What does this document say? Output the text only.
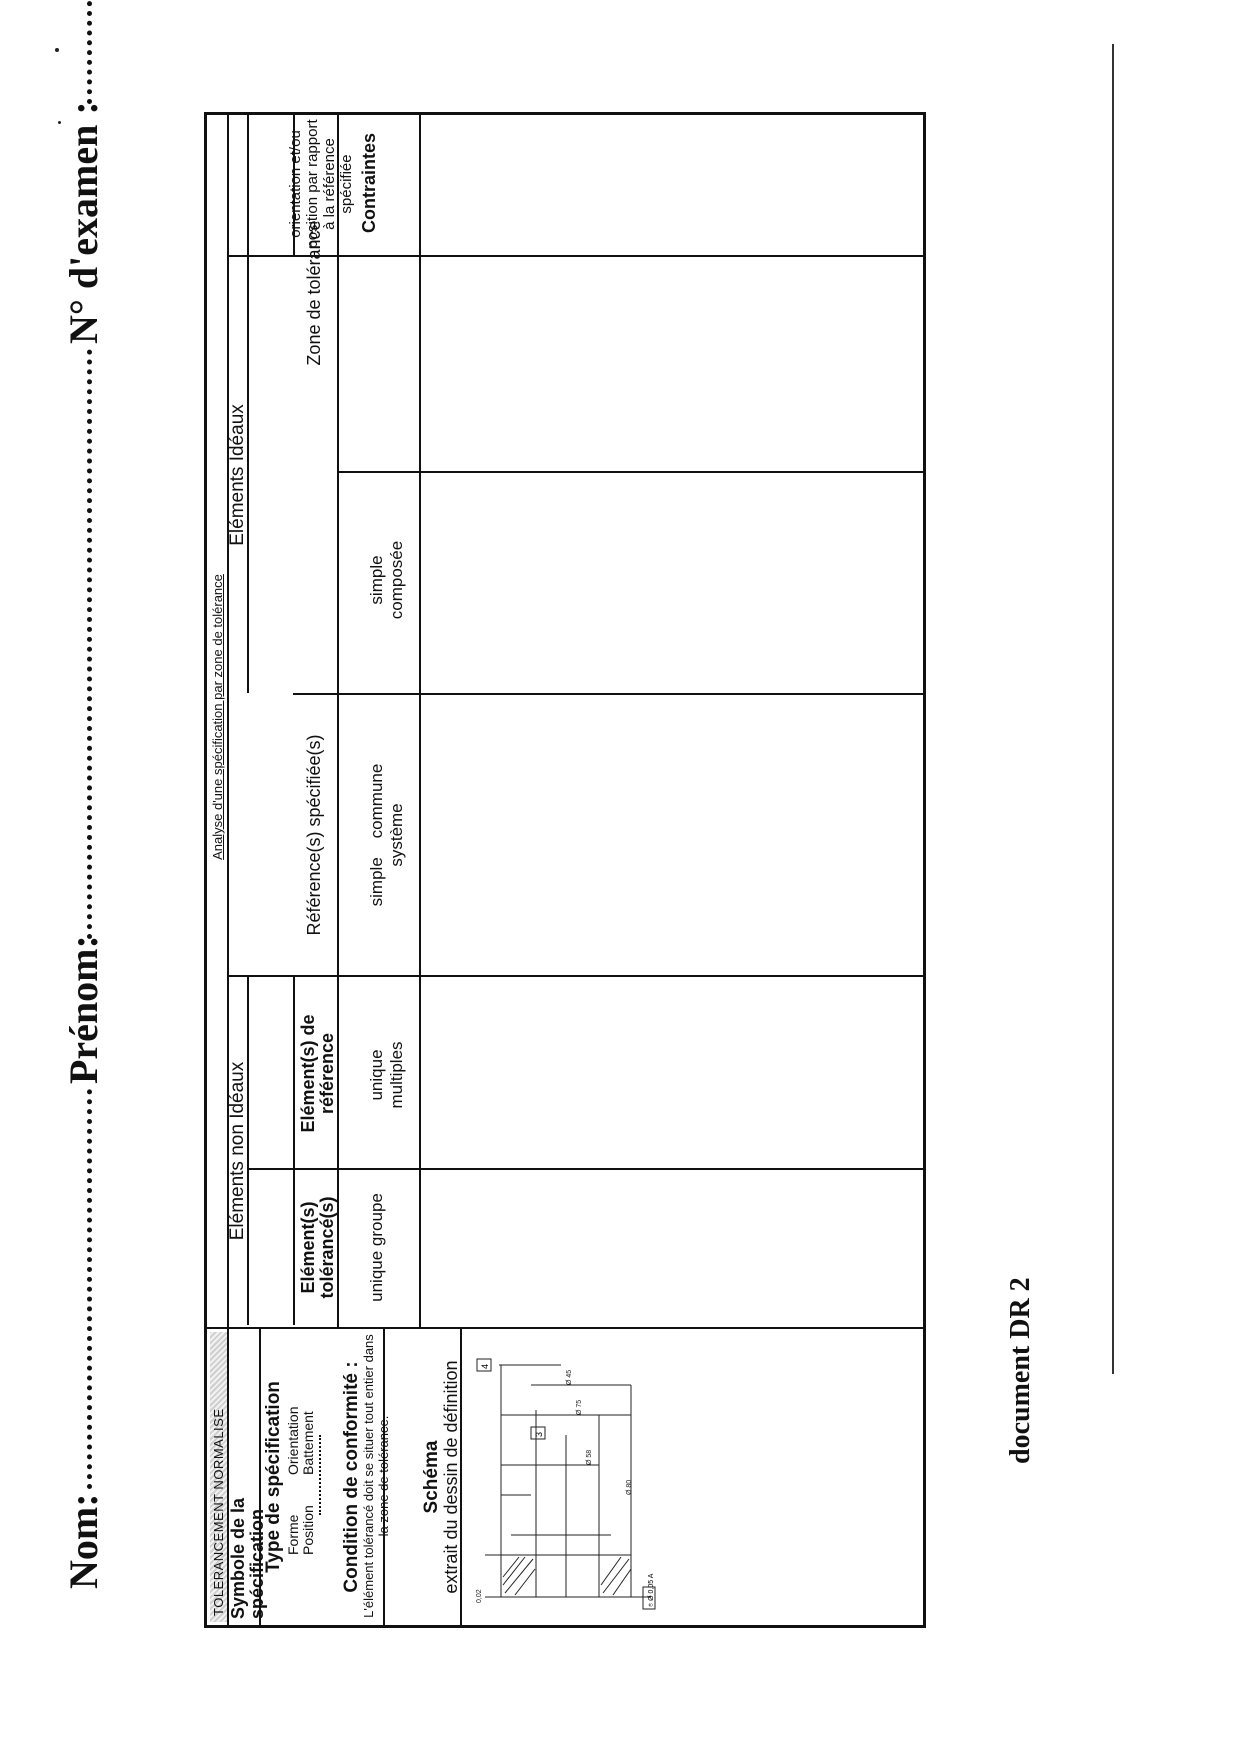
Nom:
Prénom:
N° d'examen :
TOLERANCEMENT NORMALISE
Analyse d'une spécification par zone de tolérance
Symbole de la spécification
Type de spécification Forme
Orientation
Position
Battement Condition de conformité : L'élément tolérancé doit se situer tout entier dans la zone de tolérance. Schéma extrait du dessin de définition
0,02
Ø 80
Ø 58
Ø 75
Ø 45
3
4
⌾ Ø 0,05 A
Eléments non Idéaux
Elément(s) tolérancé(s) unique groupe
Elément(s) de référence unique multiples
Eléments Idéaux
Référence(s) spécifiée(s)	simple    commune système
Zone de tolérance
simple composée
Contraintes
orientation et/ou position par rapport à la référence spécifiée
document DR 2
